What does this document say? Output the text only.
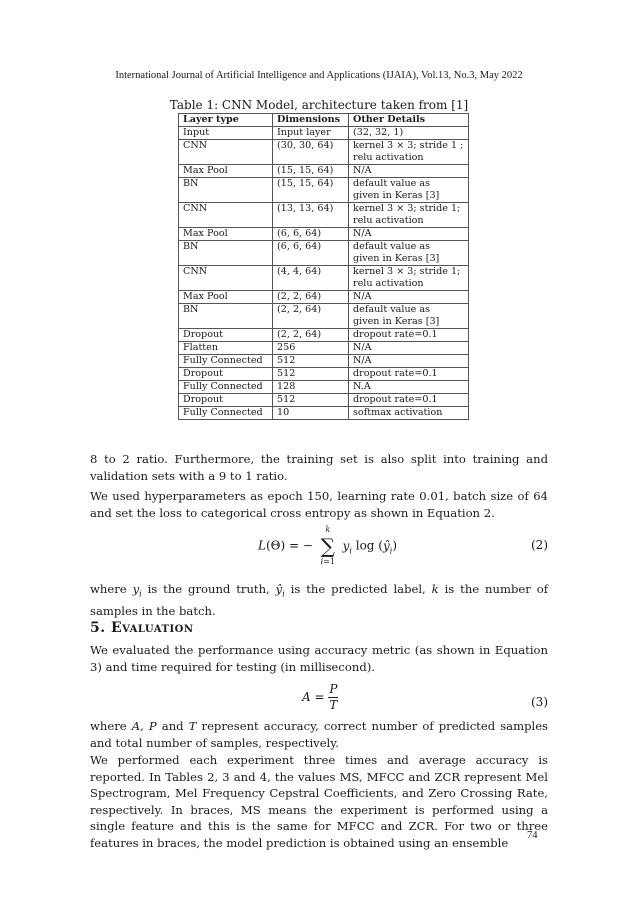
International Journal of Artificial Intelligence and Applications (IJAIA), Vol.13, No.3, May 2022
Table 1: CNN Model, architecture taken from [1]
Layer type	Dimensions	Other Details
Input	Input layer	(32, 32, 1)
CNN	(30, 30, 64)	kernel 3 × 3; stride 1 ;
relu activation
Max Pool	(15, 15, 64)	N/A
BN	(15, 15, 64)	default value as
given in Keras [3]
CNN	(13, 13, 64)	kernel 3 × 3; stride 1;
relu activation
Max Pool	(6, 6, 64)	N/A
BN	(6, 6, 64)	default value as
given in Keras [3]
CNN	(4, 4, 64)	kernel 3 × 3; stride 1;
relu activation
Max Pool	(2, 2, 64)	N/A
BN	(2, 2, 64)	default value as
given in Keras [3]
Dropout	(2, 2, 64)	dropout rate=0.1
Flatten	256	N/A
Fully Connected	512	N/A
Dropout	512	dropout rate=0.1
Fully Connected	128	N.A
Dropout	512	dropout rate=0.1
Fully Connected	10	softmax activation
8 to 2 ratio. Furthermore, the training set is also split into training and validation sets with a 9 to 1 ratio.
We used hyperparameters as epoch 150, learning rate 0.01, batch size of 64 and set the loss to categorical cross entropy as shown in Equation 2.
L(Θ) = −
k
∑
i=1
$y_i$ $\log (ŷ_i)$	(2)
where $y_i$ is the ground truth, $ŷ_i$ is the predicted label, k is the number of samples in the batch.
5. Evaluation
We evaluated the performance using accuracy metric (as shown in Equation 3) and time required for testing (in millisecond).
$A = \frac{P}{T}$	(3)
where A, P and T represent accuracy, correct number of predicted samples and total number of samples, respectively.
We performed each experiment three times and average accuracy is reported. In Tables 2, 3 and 4, the values MS, MFCC and ZCR represent Mel Spectrogram, Mel Frequency Cepstral Coefficients, and Zero Crossing Rate, respectively. In braces, MS means the experiment is performed using a single feature and this is the same for MFCC and ZCR. For two or three features in braces, the model prediction is obtained using an ensemble	74
